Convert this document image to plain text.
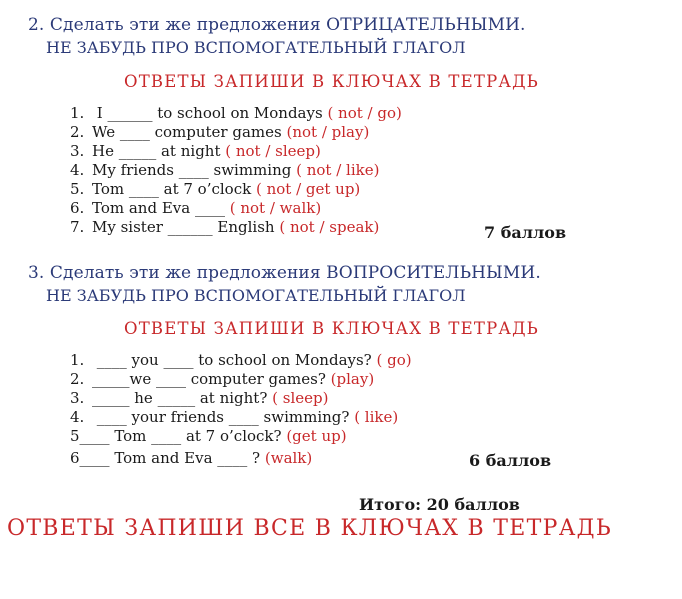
2. Сделать эти же предложения ОТРИЦАТЕЛЬНЫМИ.
НЕ ЗАБУДЬ ПРО ВСПОМОГАТЕЛЬНЫЙ ГЛАГОЛ
ОТВЕТЫ ЗАПИШИ В КЛЮЧАХ В ТЕТРАДЬ
1. I ______ to school on Mondays ( not / go)
2. We ____ computer games (not / play)
3. He _____ at night ( not / sleep)
4. My friends ____ swimming ( not / like)
5. Tom ____ at 7 o’clock ( not / get up)
6. Tom and Eva ____ ( not / walk)
7. My sister ______ English ( not / speak)	7 баллов
3. Сделать эти же предложения ВОПРОСИТЕЛЬНЫМИ.
НЕ ЗАБУДЬ ПРО ВСПОМОГАТЕЛЬНЫЙ ГЛАГОЛ
ОТВЕТЫ ЗАПИШИ В КЛЮЧАХ В ТЕТРАДЬ
1. ____ you ____ to school on Mondays? ( go)
2. _____we ____ computer games? (play)
3. _____ he _____ at night? ( sleep)
4. ____ your friends ____ swimming? ( like)
5____ Tom ____ at 7 o’clock? (get up)
6____ Tom and Eva ____ ? (walk)	6 баллов
Итого: 20 баллов
ОТВЕТЫ ЗАПИШИ ВСЕ В КЛЮЧАХ В ТЕТРАДЬ
